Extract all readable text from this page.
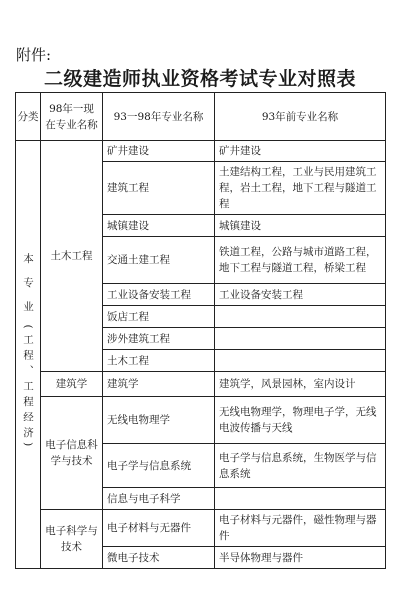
附件:
二级建造师执业资格考试专业对照表
分类	98年一现在专业名称	93一98年专业名称	93年前专业名称
本 专 业 (工程、工程经济)	土木工程	矿井建设	矿井建设
		建筑工程	土建结构工程，工业与民用建筑工程，岩土工程，地下工程与隧道工程
		城镇建设	城镇建设
		交通土建工程	铁道工程，公路与城市道路工程，地下工程与隧道工程，桥梁工程
		工业设备安装工程	工业设备安装工程
		饭店工程	
		涉外建筑工程	
		土木工程	
	建筑学	建筑学	建筑学，风景园林，室内设计
	电子信息科学与技术	无线电物理学	无线电物理学，物理电子学，无线电波传播与天线
		电子学与信息系统	电子学与信息系统，生物医学与信息系统
		信息与电子科学	
	电子科学与技术	电子材料与无器件	电子材料与元器件，磁性物理与器件
		微电子技术	半导体物理与器件
